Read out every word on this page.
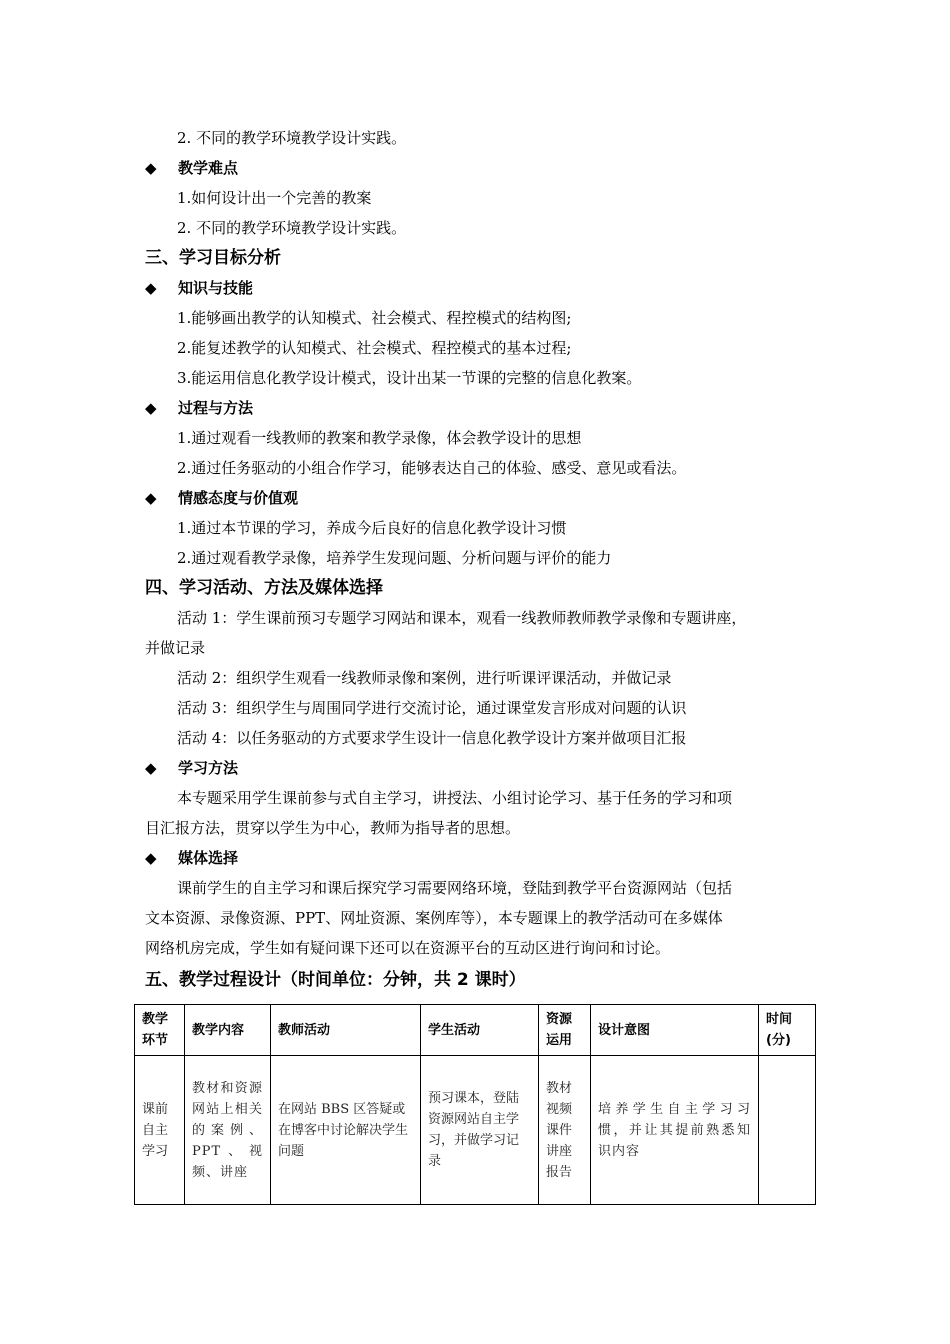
2. 不同的教学环境教学设计实践。
◆ 教学难点
1.如何设计出一个完善的教案
2. 不同的教学环境教学设计实践。
三、学习目标分析
◆ 知识与技能
1.能够画出教学的认知模式、社会模式、程控模式的结构图;
2.能复述教学的认知模式、社会模式、程控模式的基本过程;
3.能运用信息化教学设计模式，设计出某一节课的完整的信息化教案。
◆ 过程与方法
1.通过观看一线教师的教案和教学录像，体会教学设计的思想
2.通过任务驱动的小组合作学习，能够表达自己的体验、感受、意见或看法。
◆ 情感态度与价值观
1.通过本节课的学习，养成今后良好的信息化教学设计习惯
2.通过观看教学录像，培养学生发现问题、分析问题与评价的能力
四、学习活动、方法及媒体选择
活动 1：学生课前预习专题学习网站和课本，观看一线教师教师教学录像和专题讲座，
并做记录
活动 2：组织学生观看一线教师录像和案例，进行听课评课活动，并做记录
活动 3：组织学生与周围同学进行交流讨论，通过课堂发言形成对问题的认识
活动 4：以任务驱动的方式要求学生设计一信息化教学设计方案并做项目汇报
◆ 学习方法
本专题采用学生课前参与式自主学习，讲授法、小组讨论学习、基于任务的学习和项
目汇报方法，贯穿以学生为中心，教师为指导者的思想。
◆ 媒体选择
课前学生的自主学习和课后探究学习需要网络环境，登陆到教学平台资源网站（包括
文本资源、录像资源、PPT、网址资源、案例库等），本专题课上的教学活动可在多媒体
网络机房完成，学生如有疑问课下还可以在资源平台的互动区进行询问和讨论。
五、教学过程设计（时间单位：分钟，共 2 课时）
教学环节	教学内容	教师活动	学生活动	资源运用	设计意图	时间(分)
课前自主学习	教材和资源网站上相关的案例、PPT、视频、讲座	在网站 BBS 区答疑或在博客中讨论解决学生问题	预习课本，登陆资源网站自主学习，并做学习记录	教材视频课件讲座报告	培养学生自主学习习惯，并让其提前熟悉知识内容	
